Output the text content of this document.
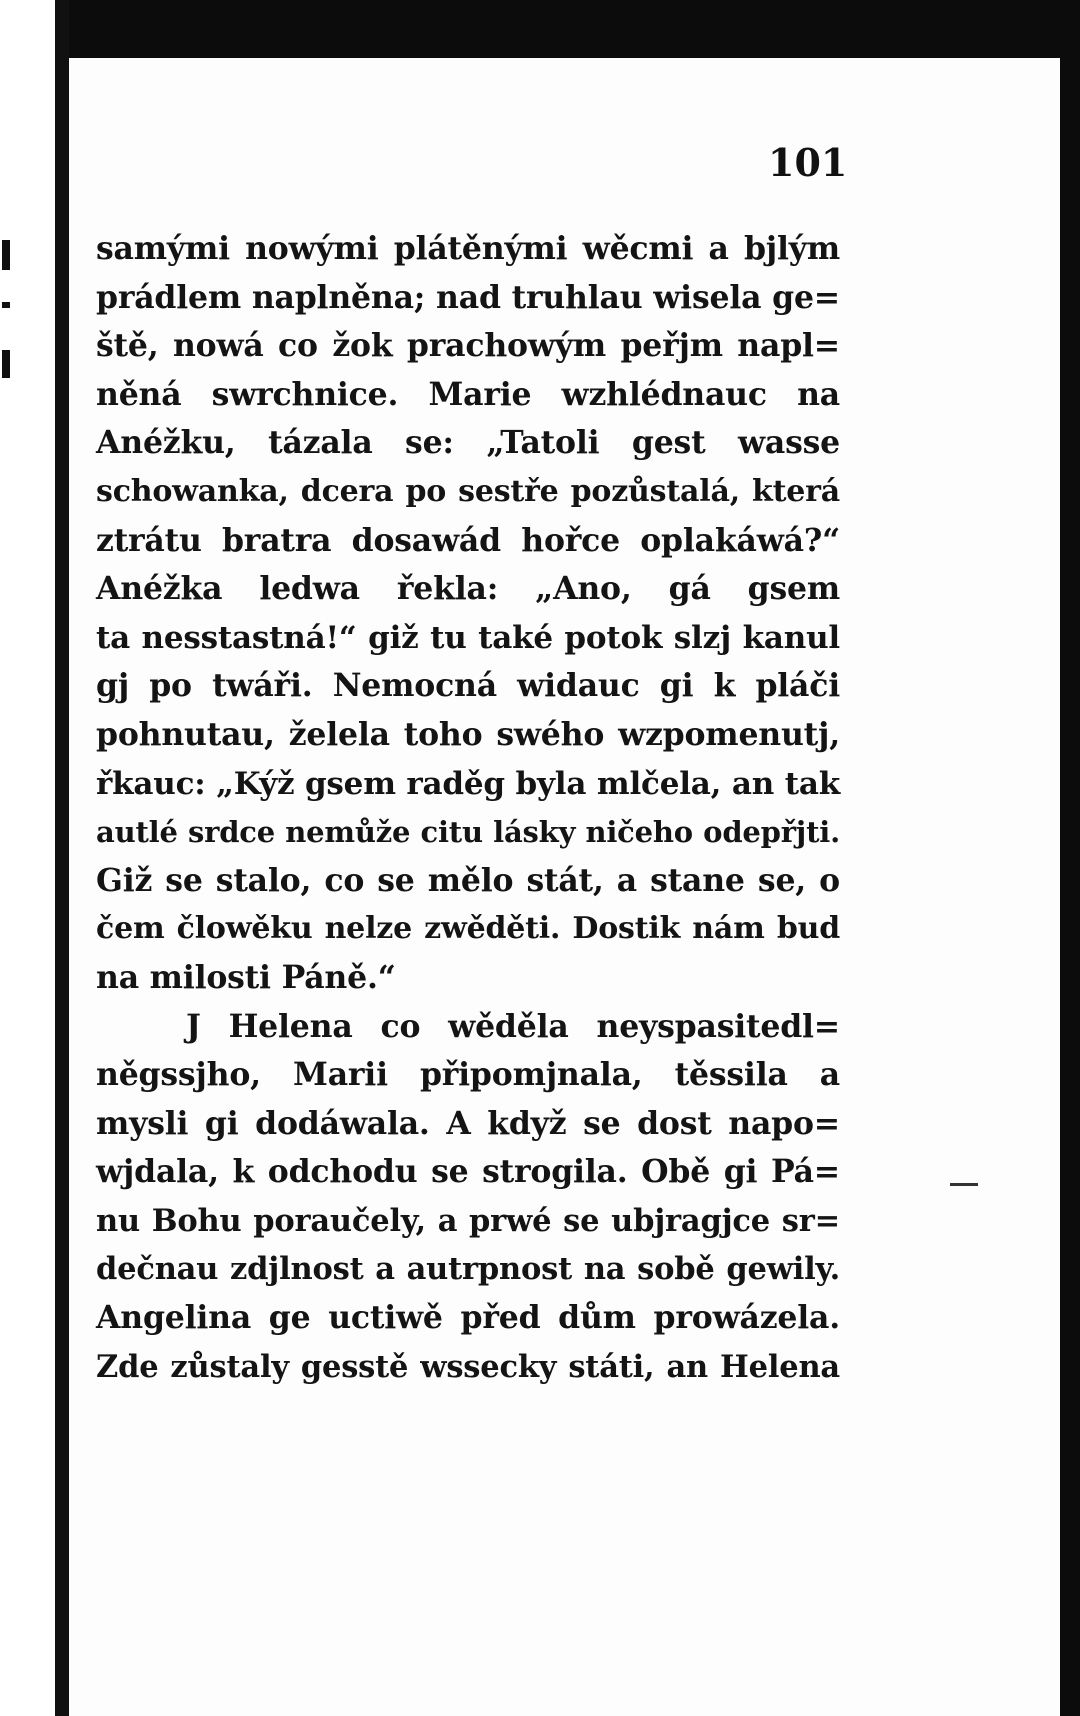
101
samými nowými plátěnými wěcmi a bjlým
prádlem naplněna; nad truhlau wisela ge=
ště, nowá co žok prachowým peřjm napl=
něná swrchnice. Marie wzhlédnauc na
Anéžku, tázala se: „Tatoli gest wasse
schowanka, dcera po sestře pozůstalá, která
ztrátu bratra dosawád hořce oplakáwá?“
Anéžka ledwa řekla: „Ano, gá gsem
ta nesstastná!“ giž tu také potok slzj kanul
gj po twáři. Nemocná widauc gi k pláči
pohnutau, želela toho swého wzpomenutj,
řkauc: „Kýž gsem raděg byla mlčela, an tak
autlé srdce nemůže citu lásky ničeho odepřjti.
Giž se stalo, co se mělo stát, a stane se, o
čem člowěku nelze zwěděti. Dostik nám bud
na milosti Páně.“
J Helena co wěděla neyspasitedl=
něgssjho, Marii připomjnala, těssila a
mysli gi dodáwala. A když se dost napo=
wjdala, k odchodu se strogila. Obě gi Pá=
nu Bohu poraučely, a prwé se ubjragjce sr=
dečnau zdjlnost a autrpnost na sobě gewily.
Angelina ge uctiwě před dům prowázela.
Zde zůstaly gesstě wssecky státi, an Helena
